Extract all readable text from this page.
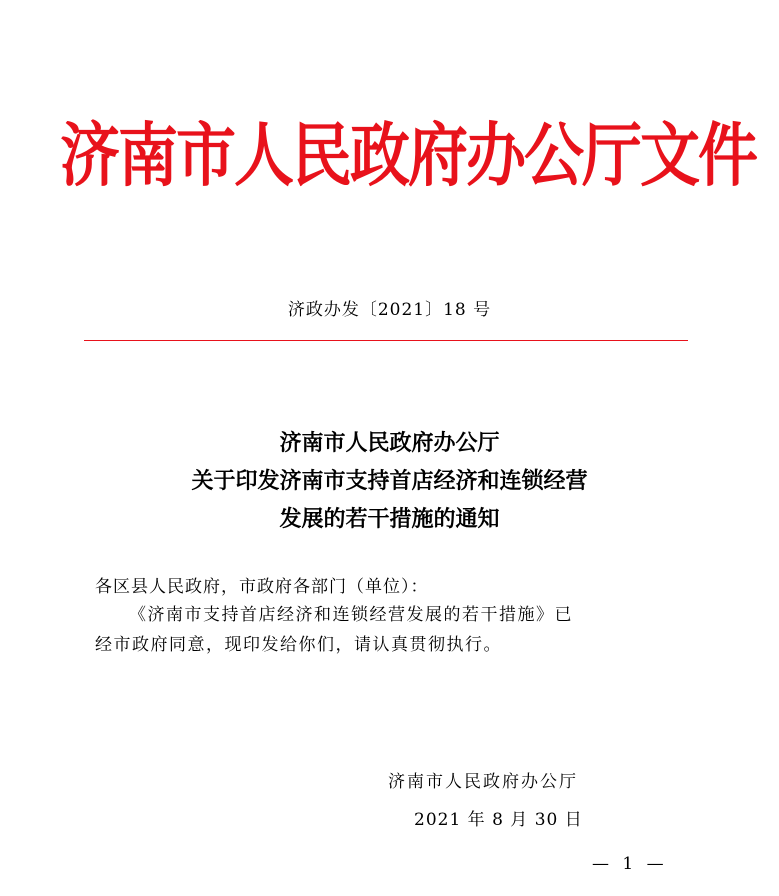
济南市人民政府办公厅文件
济政办发〔2021〕18 号
济南市人民政府办公厅
关于印发济南市支持首店经济和连锁经营
发展的若干措施的通知
各区县人民政府，市政府各部门（单位）：
《济南市支持首店经济和连锁经营发展的若干措施》已
经市政府同意，现印发给你们，请认真贯彻执行。
济南市人民政府办公厅
2021 年 8 月 30 日
— 1 —
